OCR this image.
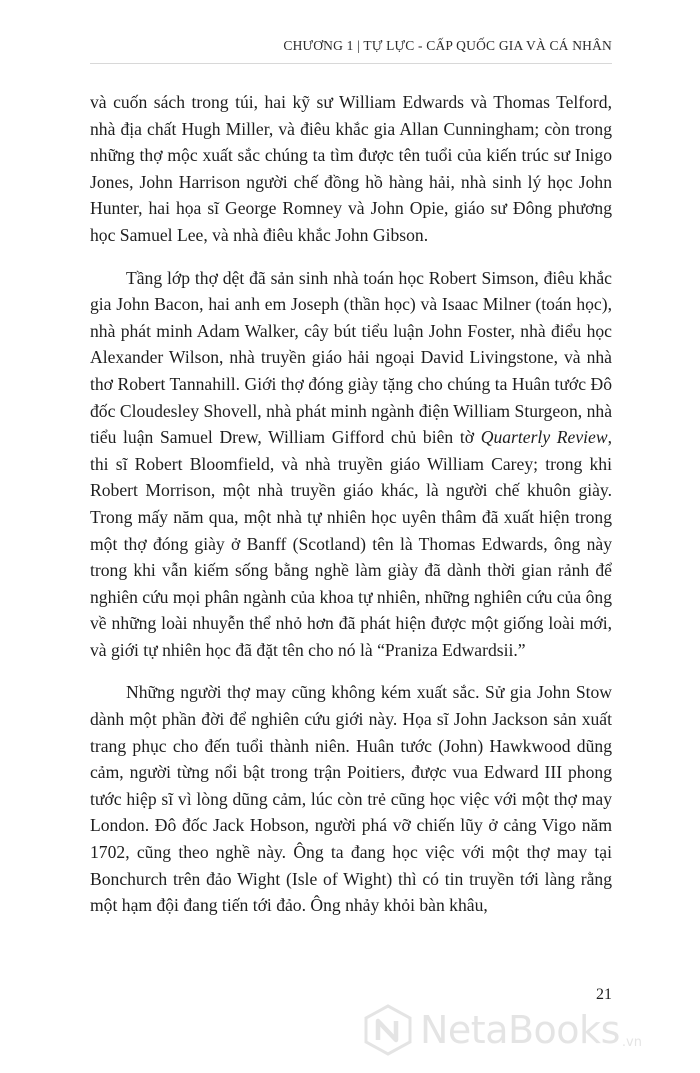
CHƯƠNG 1 | TỰ LỰC - CẤP QUỐC GIA VÀ CÁ NHÂN

và cuốn sách trong túi, hai kỹ sư William Edwards và Thomas Telford, nhà địa chất Hugh Miller, và điêu khắc gia Allan Cunningham; còn trong những thợ mộc xuất sắc chúng ta tìm được tên tuổi của kiến trúc sư Inigo Jones, John Harrison người chế đồng hồ hàng hải, nhà sinh lý học John Hunter, hai họa sĩ George Romney và John Opie, giáo sư Đông phương học Samuel Lee, và nhà điêu khắc John Gibson.

Tầng lớp thợ dệt đã sản sinh nhà toán học Robert Simson, điêu khắc gia John Bacon, hai anh em Joseph (thần học) và Isaac Milner (toán học), nhà phát minh Adam Walker, cây bút tiểu luận John Foster, nhà điểu học Alexander Wilson, nhà truyền giáo hải ngoại David Livingstone, và nhà thơ Robert Tannahill. Giới thợ đóng giày tặng cho chúng ta Huân tước Đô đốc Cloudesley Shovell, nhà phát minh ngành điện William Sturgeon, nhà tiểu luận Samuel Drew, William Gifford chủ biên tờ Quarterly Review, thi sĩ Robert Bloomfield, và nhà truyền giáo William Carey; trong khi Robert Morrison, một nhà truyền giáo khác, là người chế khuôn giày. Trong mấy năm qua, một nhà tự nhiên học uyên thâm đã xuất hiện trong một thợ đóng giày ở Banff (Scotland) tên là Thomas Edwards, ông này trong khi vẫn kiếm sống bằng nghề làm giày đã dành thời gian rảnh để nghiên cứu mọi phân ngành của khoa tự nhiên, những nghiên cứu của ông về những loài nhuyễn thể nhỏ hơn đã phát hiện được một giống loài mới, và giới tự nhiên học đã đặt tên cho nó là “Praniza Edwardsii.”

Những người thợ may cũng không kém xuất sắc. Sử gia John Stow dành một phần đời để nghiên cứu giới này. Họa sĩ John Jackson sản xuất trang phục cho đến tuổi thành niên. Huân tước (John) Hawkwood dũng cảm, người từng nổi bật trong trận Poitiers, được vua Edward III phong tước hiệp sĩ vì lòng dũng cảm, lúc còn trẻ cũng học việc với một thợ may London. Đô đốc Jack Hobson, người phá vỡ chiến lũy ở cảng Vigo năm 1702, cũng theo nghề này. Ông ta đang học việc với một thợ may tại Bonchurch trên đảo Wight (Isle of Wight) thì có tin truyền tới làng rằng một hạm đội đang tiến tới đảo. Ông nhảy khỏi bàn khâu,

21
NetaBooks .vn
